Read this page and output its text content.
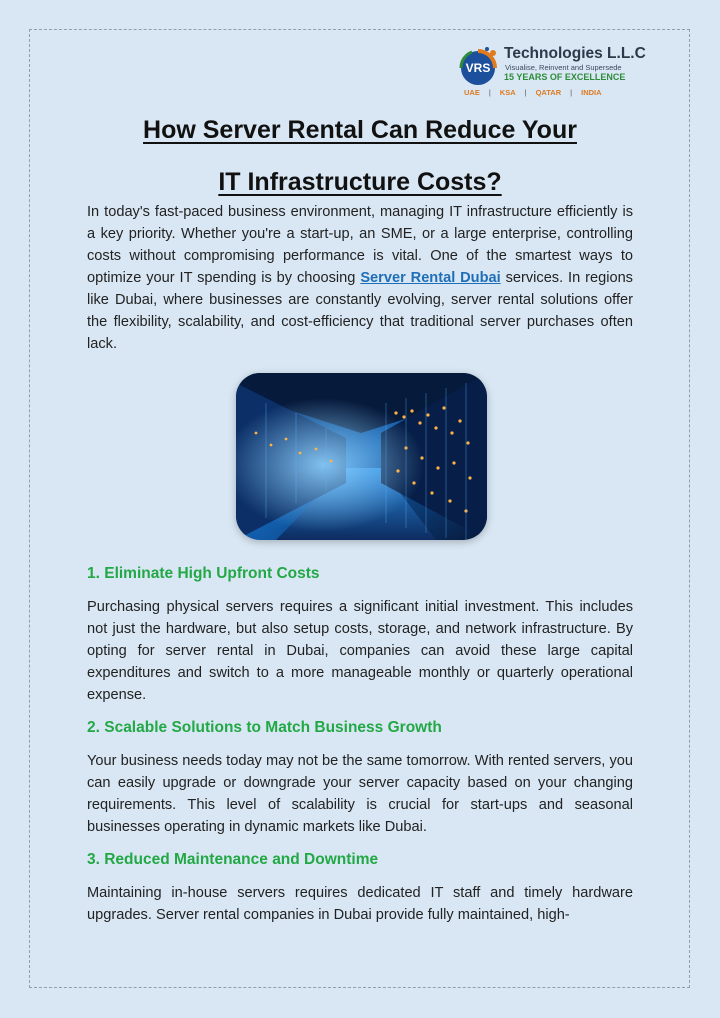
VRS
Technologies L.L.C
Visualise, Reinvent and Supersede
15 YEARS OF EXCELLENCE
UAE | KSA | QATAR | INDIA
How Server Rental Can Reduce Your
IT Infrastructure Costs?

In today's fast-paced business environment, managing IT infrastructure efficiently is a key priority. Whether you're a start-up, an SME, or a large enterprise, controlling costs without compromising performance is vital. One of the smartest ways to optimize your IT spending is by choosing Server Rental Dubai services. In regions like Dubai, where businesses are constantly evolving, server rental solutions offer the flexibility, scalability, and cost-efficiency that traditional server purchases often lack.

1. Eliminate High Upfront Costs

Purchasing physical servers requires a significant initial investment. This includes not just the hardware, but also setup costs, storage, and network infrastructure. By opting for server rental in Dubai, companies can avoid these large capital expenditures and switch to a more manageable monthly or quarterly operational expense.

2. Scalable Solutions to Match Business Growth

Your business needs today may not be the same tomorrow. With rented servers, you can easily upgrade or downgrade your server capacity based on your changing requirements. This level of scalability is crucial for start-ups and seasonal businesses operating in dynamic markets like Dubai.

3. Reduced Maintenance and Downtime

Maintaining in-house servers requires dedicated IT staff and timely hardware upgrades. Server rental companies in Dubai provide fully maintained, high-
